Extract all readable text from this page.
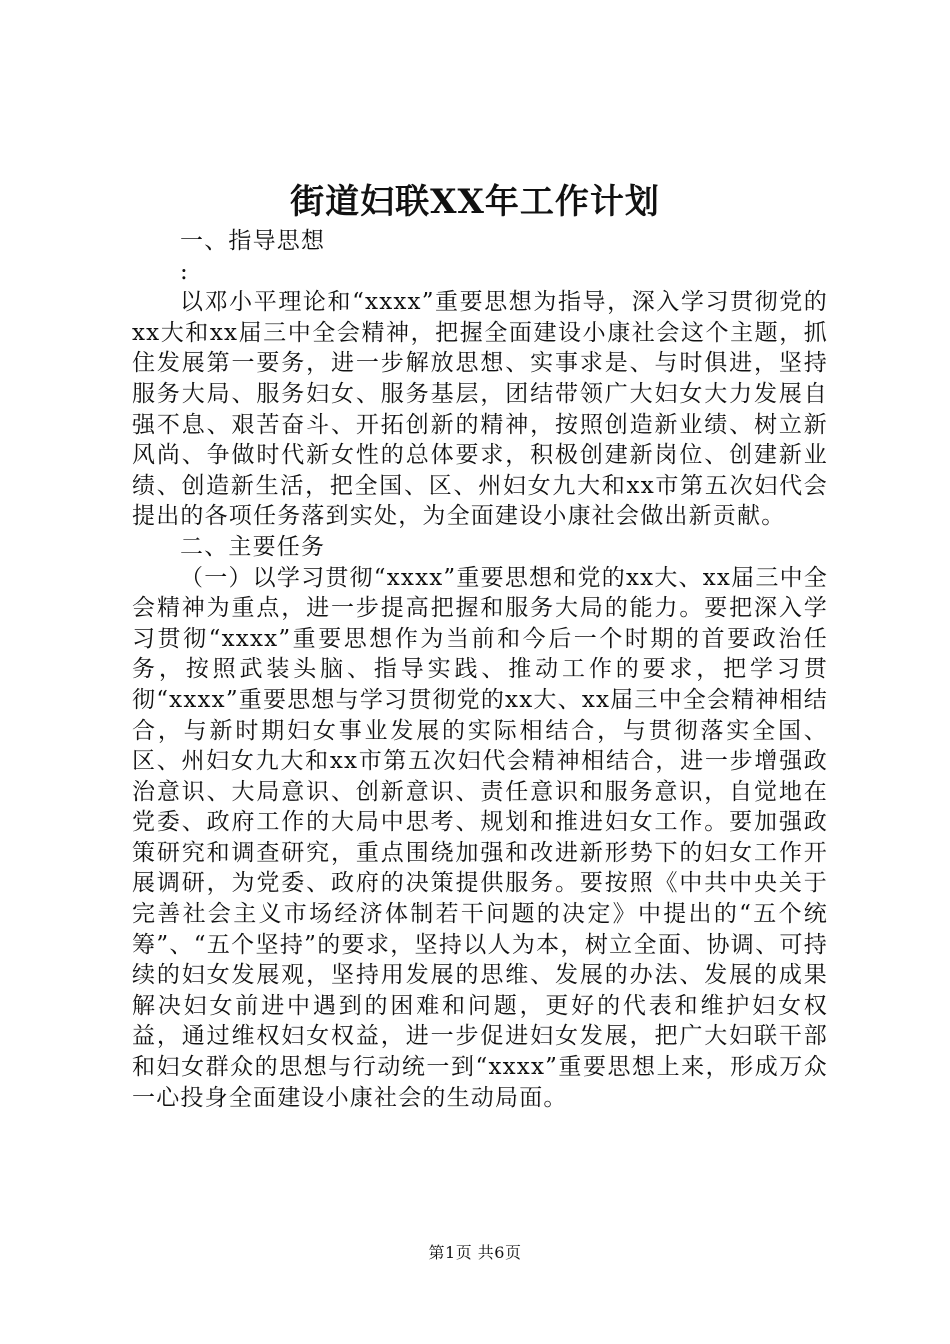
街道妇联XX年工作计划

一、指导思想

:

以邓小平理论和“xxxx”重要思想为指导，深入学习贯彻党的xx大和xx届三中全会精神，把握全面建设小康社会这个主题，抓住发展第一要务，进一步解放思想、实事求是、与时俱进，坚持服务大局、服务妇女、服务基层，团结带领广大妇女大力发展自强不息、艰苦奋斗、开拓创新的精神，按照创造新业绩、树立新风尚、争做时代新女性的总体要求，积极创建新岗位、创建新业绩、创造新生活，把全国、区、州妇女九大和xx市第五次妇代会提出的各项任务落到实处，为全面建设小康社会做出新贡献。

二、主要任务

（一）以学习贯彻“xxxx”重要思想和党的xx大、xx届三中全会精神为重点，进一步提高把握和服务大局的能力。要把深入学习贯彻“xxxx”重要思想作为当前和今后一个时期的首要政治任务，按照武装头脑、指导实践、推动工作的要求，把学习贯彻“xxxx”重要思想与学习贯彻党的xx大、xx届三中全会精神相结合，与新时期妇女事业发展的实际相结合，与贯彻落实全国、区、州妇女九大和xx市第五次妇代会精神相结合，进一步增强政治意识、大局意识、创新意识、责任意识和服务意识，自觉地在党委、政府工作的大局中思考、规划和推进妇女工作。要加强政策研究和调查研究，重点围绕加强和改进新形势下的妇女工作开展调研，为党委、政府的决策提供服务。要按照《中共中央关于完善社会主义市场经济体制若干问题的决定》中提出的“五个统筹”、“五个坚持”的要求，坚持以人为本，树立全面、协调、可持续的妇女发展观，坚持用发展的思维、发展的办法、发展的成果解决妇女前进中遇到的困难和问题，更好的代表和维护妇女权益，通过维权妇女权益，进一步促进妇女发展，把广大妇联干部和妇女群众的思想与行动统一到“xxxx”重要思想上来，形成万众一心投身全面建设小康社会的生动局面。

第1页 共6页
